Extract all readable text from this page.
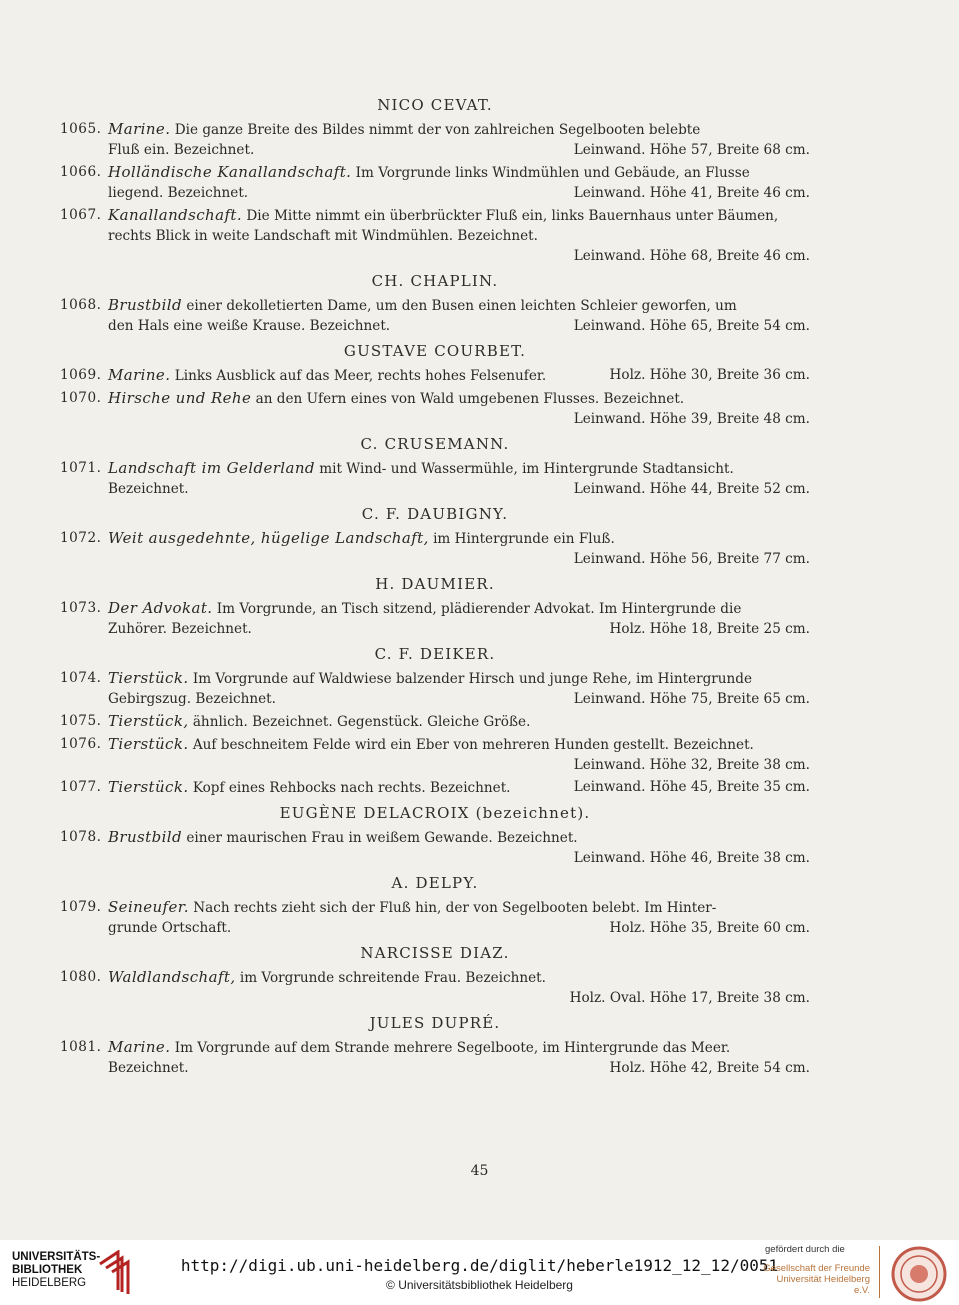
NICO CEVAT.
1065. Marine. Die ganze Breite des Bildes nimmt der von zahlreichen Segelbooten belebte
Fluß ein. Bezeichnet.	Leinwand. Höhe 57, Breite 68 cm.
1066. Holländische Kanallandschaft. Im Vorgrunde links Windmühlen und Gebäude, an Flusse
liegend. Bezeichnet.	Leinwand. Höhe 41, Breite 46 cm.
1067. Kanallandschaft. Die Mitte nimmt ein überbrückter Fluß ein, links Bauernhaus unter Bäumen,
rechts Blick in weite Landschaft mit Windmühlen. Bezeichnet.
Leinwand. Höhe 68, Breite 46 cm.
CH. CHAPLIN.
1068. Brustbild einer dekolletierten Dame, um den Busen einen leichten Schleier geworfen, um
den Hals eine weiße Krause. Bezeichnet.	Leinwand. Höhe 65, Breite 54 cm.
GUSTAVE COURBET.
1069. Marine. Links Ausblick auf das Meer, rechts hohes Felsenufer.	Holz. Höhe 30, Breite 36 cm.
1070. Hirsche und Rehe an den Ufern eines von Wald umgebenen Flusses. Bezeichnet.
Leinwand. Höhe 39, Breite 48 cm.
C. CRUSEMANN.
1071. Landschaft im Gelderland mit Wind- und Wassermühle, im Hintergrunde Stadtansicht.
Bezeichnet.	Leinwand. Höhe 44, Breite 52 cm.
C. F. DAUBIGNY.
1072. Weit ausgedehnte, hügelige Landschaft, im Hintergrunde ein Fluß.
Leinwand. Höhe 56, Breite 77 cm.
H. DAUMIER.
1073. Der Advokat. Im Vorgrunde, an Tisch sitzend, plädierender Advokat. Im Hintergrunde die
Zuhörer. Bezeichnet.	Holz. Höhe 18, Breite 25 cm.
C. F. DEIKER.
1074. Tierstück. Im Vorgrunde auf Waldwiese balzender Hirsch und junge Rehe, im Hintergrunde
Gebirgszug. Bezeichnet.	Leinwand. Höhe 75, Breite 65 cm.
1075. Tierstück, ähnlich. Bezeichnet. Gegenstück. Gleiche Größe.
1076. Tierstück. Auf beschneitem Felde wird ein Eber von mehreren Hunden gestellt. Bezeichnet.
Leinwand. Höhe 32, Breite 38 cm.
1077. Tierstück. Kopf eines Rehbocks nach rechts. Bezeichnet.	Leinwand. Höhe 45, Breite 35 cm.
EUGÈNE DELACROIX (bezeichnet).
1078. Brustbild einer maurischen Frau in weißem Gewande. Bezeichnet.
Leinwand. Höhe 46, Breite 38 cm.
A. DELPY.
1079. Seineufer. Nach rechts zieht sich der Fluß hin, der von Segelbooten belebt. Im Hinter-
grunde Ortschaft.	Holz. Höhe 35, Breite 60 cm.
NARCISSE DIAZ.
1080. Waldlandschaft, im Vorgrunde schreitende Frau. Bezeichnet.
Holz. Oval. Höhe 17, Breite 38 cm.
JULES DUPRÉ.
1081. Marine. Im Vorgrunde auf dem Strande mehrere Segelboote, im Hintergrunde das Meer.
Bezeichnet.	Holz. Höhe 42, Breite 54 cm.
45
UNIVERSITÄTS-
BIBLIOTHEK
HEIDELBERG
http://digi.ub.uni-heidelberg.de/diglit/heberle1912_12_12/0051
© Universitätsbibliothek Heidelberg
gefördert durch die
Gesellschaft der Freunde
Universität Heidelberg e.V.
